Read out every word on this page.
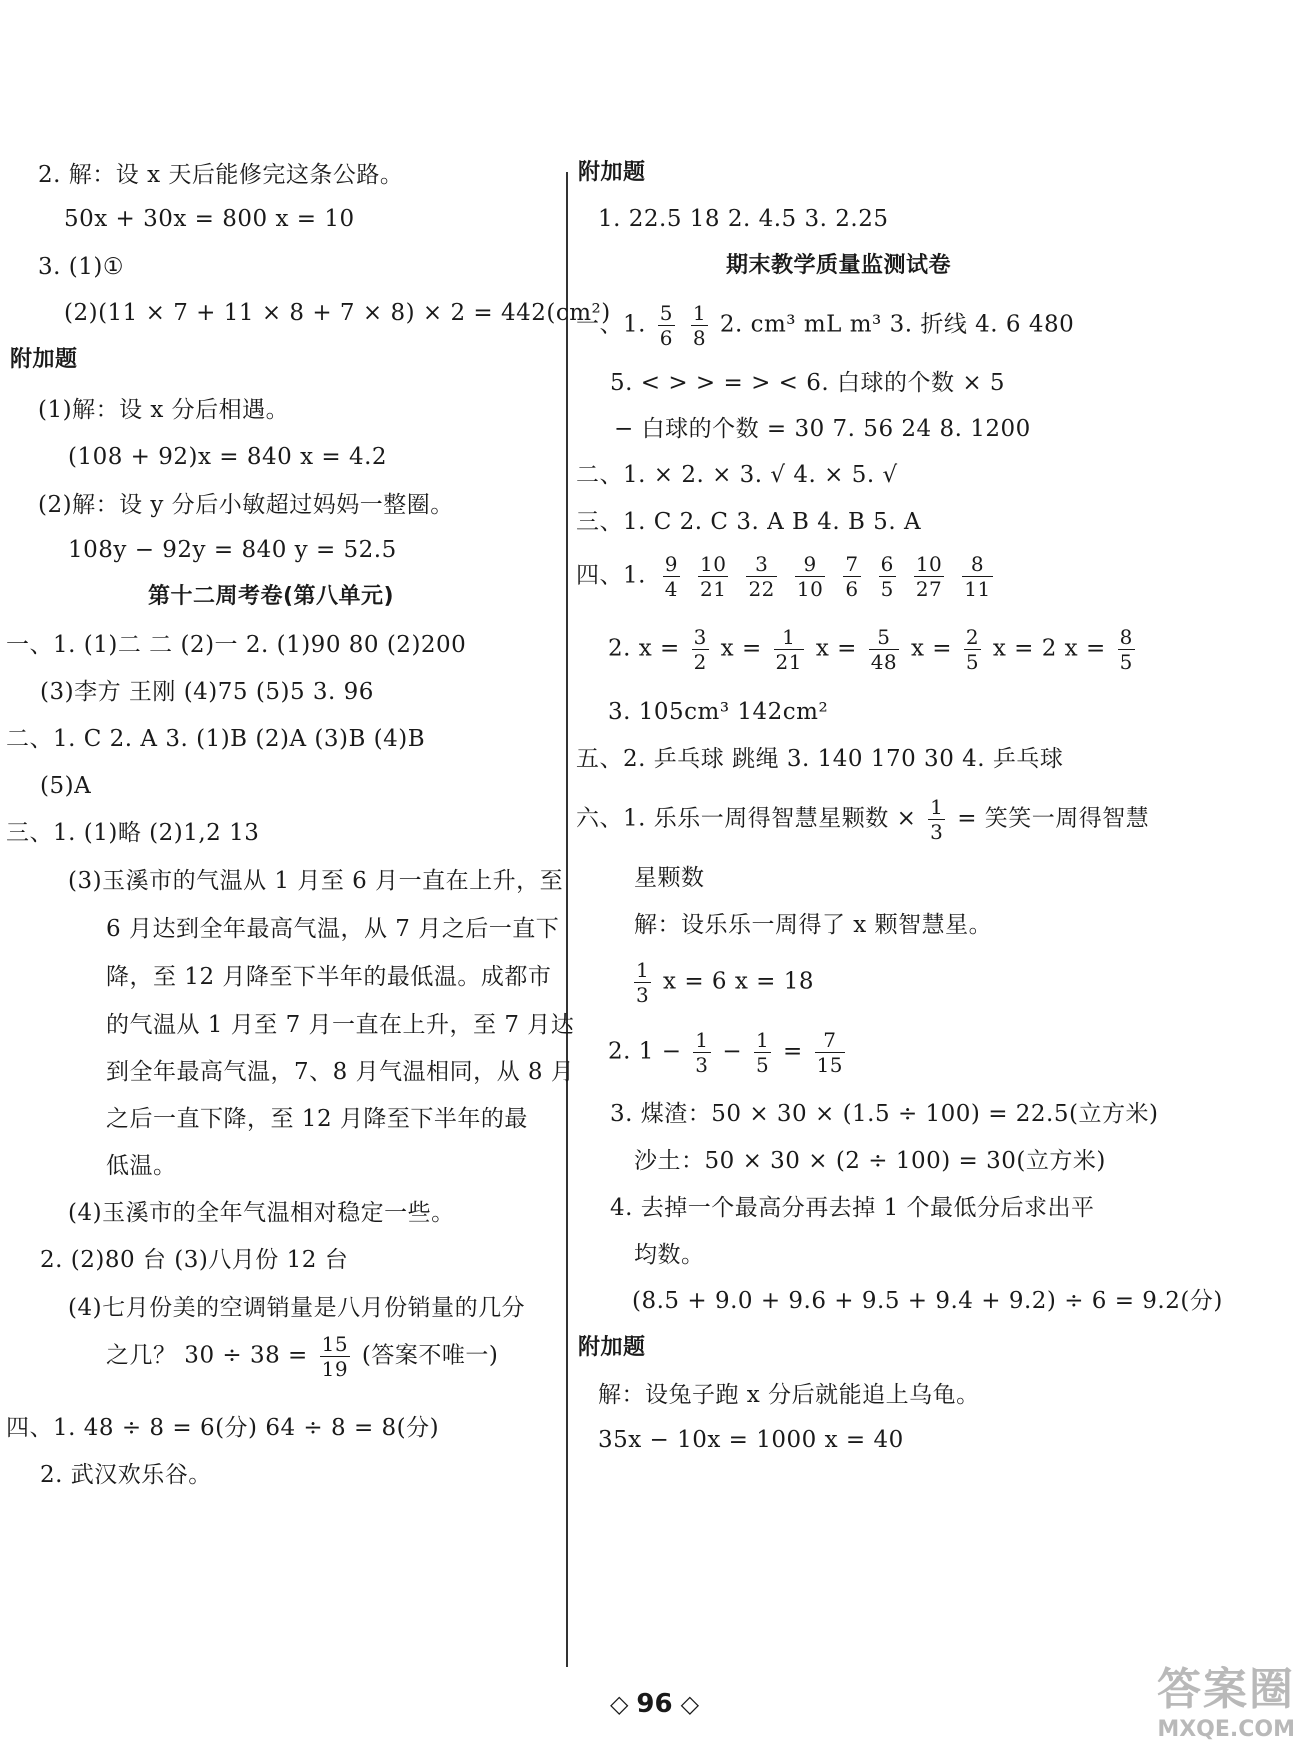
2. 解：设 x 天后能修完这条公路。
50x + 30x = 800 x = 10
3. (1)①
(2)(11 × 7 + 11 × 8 + 7 × 8) × 2 = 442(cm²)
附加题
(1)解：设 x 分后相遇。
(108 + 92)x = 840 x = 4.2
(2)解：设 y 分后小敏超过妈妈一整圈。
108y − 92y = 840 y = 52.5
第十二周考卷(第八单元)
一、1. (1)二 二 (2)一 2. (1)90 80 (2)200
(3)李方 王刚 (4)75 (5)5 3. 96
二、1. C 2. A 3. (1)B (2)A (3)B (4)B
(5)A
三、1. (1)略 (2)1,2 13
(3)玉溪市的气温从 1 月至 6 月一直在上升，至
6 月达到全年最高气温，从 7 月之后一直下
降，至 12 月降至下半年的最低温。成都市
的气温从 1 月至 7 月一直在上升，至 7 月达
到全年最高气温，7、8 月气温相同，从 8 月
之后一直下降，至 12 月降至下半年的最
低温。
(4)玉溪市的全年气温相对稳定一些。
2. (2)80 台 (3)八月份 12 台
(4)七月份美的空调销量是八月份销量的几分
之几？ $30 \div 38 = \frac{15}{19}$ (答案不唯一)
四、1. 48 ÷ 8 = 6(分) 64 ÷ 8 = 8(分)
2. 武汉欢乐谷。
附加题
1. 22.5 18 2. 4.5 3. 2.25
期末教学质量监测试卷
一、1. $\frac{5}{6}$
$\frac{1}{8} 2$. cm³ mL m³ 3. 折线 4. 6 480
5. < > > = > < 6. 白球的个数 × 5
− 白球的个数 = 30 7. 56 24 8. 1200
二、1. × 2. × 3. √ 4. × 5. √
三、1. C 2. C 3. A B 4. B 5. A
四、1. $\frac{9}{4} \frac{10}{21} \frac{3}{22} \frac{9}{10} \frac{7}{6} \frac{6}{5} \frac{10}{27} \frac{8}{11}$
2. $x = \frac{3}{2}$ $x = \frac{1}{21}$ $x = \frac{5}{48}$ $x = \frac{2}{5}$ x = 2 $x = \frac{8}{5}$
3. 105cm³ 142cm²
五、2. 乒乓球 跳绳 3. 140 170 30 4. 乒乓球
六、1. 乐乐一周得智慧星颗数 × $\frac{1}{3}$ = 笑笑一周得智慧
星颗数
解：设乐乐一周得了 x 颗智慧星。
$\frac{1}{3}$ x = 6 x = 18
2. $1 - \frac{1}{3} - \frac{1}{5} = \frac{7}{15}$
3. 煤渣：50 × 30 × (1.5 ÷ 100) = 22.5(立方米)
沙土：50 × 30 × (2 ÷ 100) = 30(立方米)
4. 去掉一个最高分再去掉 1 个最低分后求出平
均数。
(8.5 + 9.0 + 9.6 + 9.5 + 9.4 + 9.2) ÷ 6 = 9.2(分)
附加题
解：设兔子跑 x 分后就能追上乌龟。
35x − 10x = 1000 x = 40
◇ 96 ◇	答案圈
MXQE.COM
